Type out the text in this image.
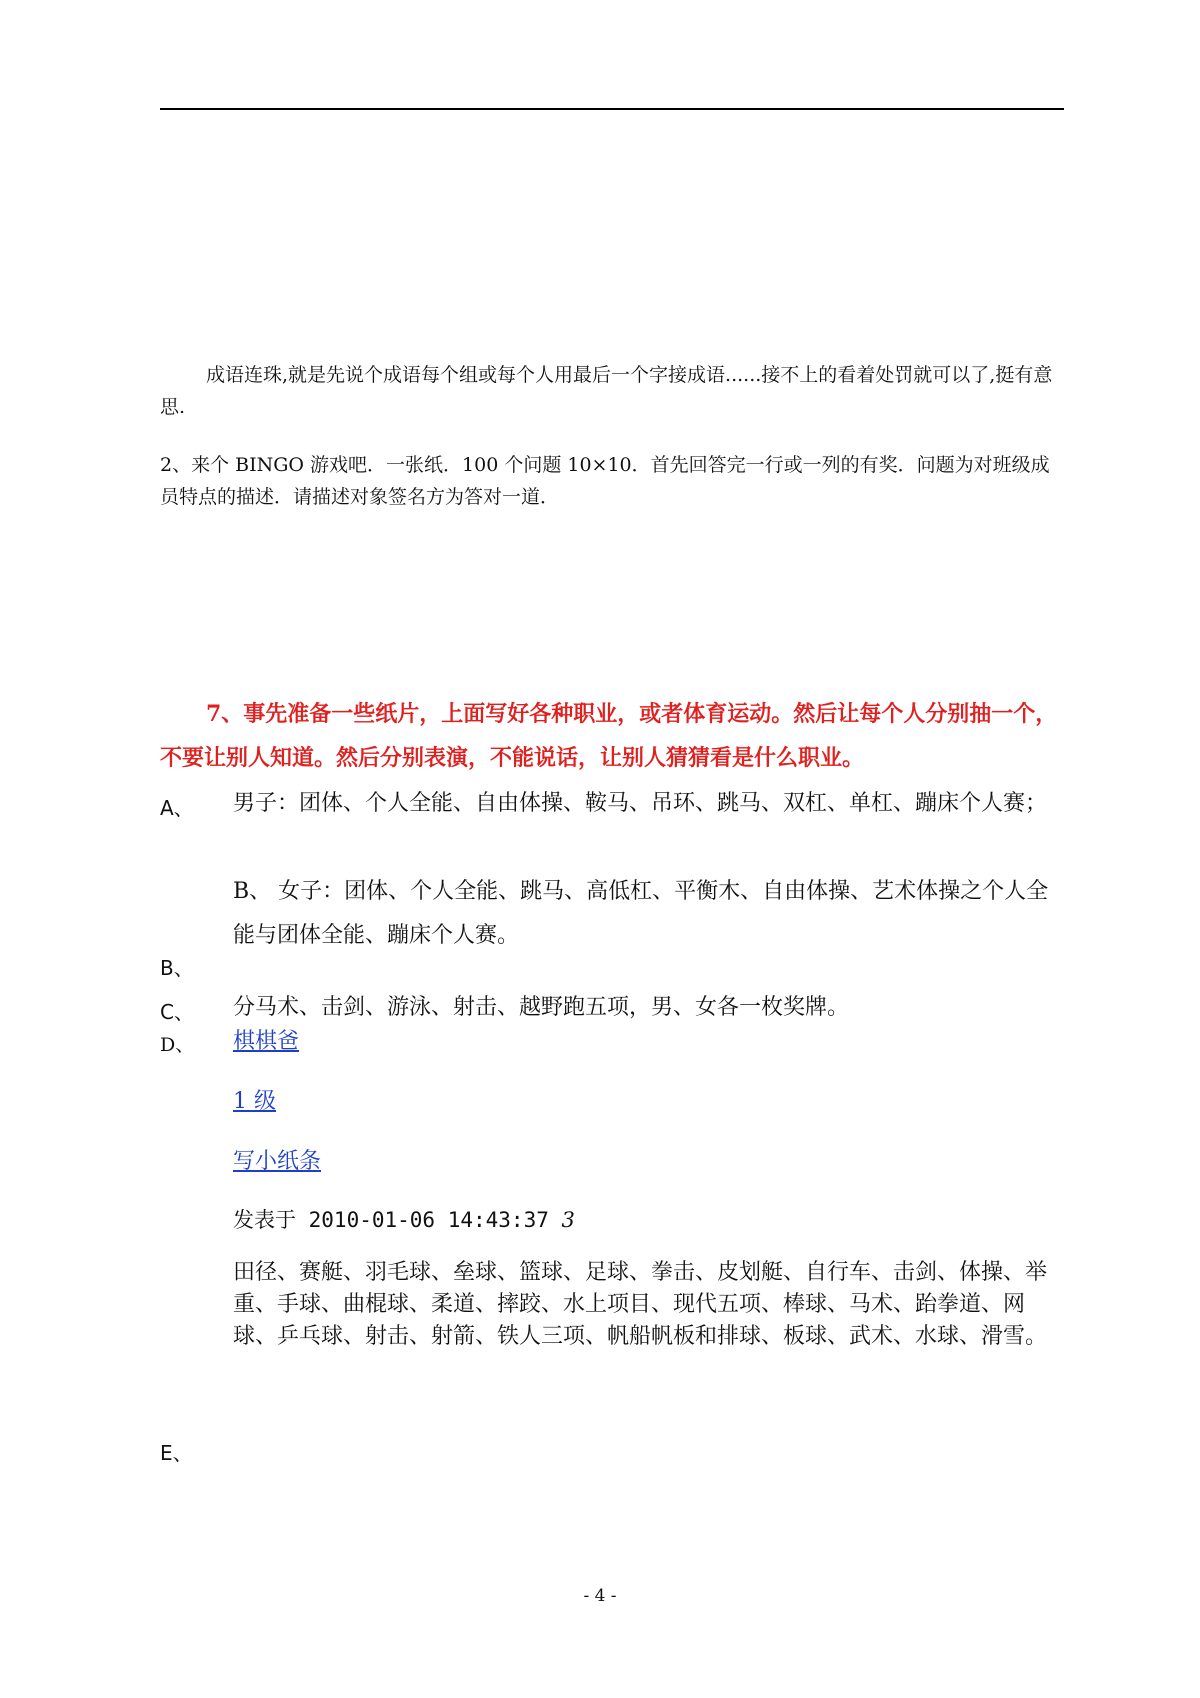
成语连珠,就是先说个成语每个组或每个人用最后一个字接成语......接不上的看着处罚就可以了,挺有意思.

2、来个 BINGO 游戏吧．一张纸．100 个问题 10×10．首先回答完一行或一列的有奖．问题为对班级成员特点的描述．请描述对象签名方为答对一道．

7、事先准备一些纸片，上面写好各种职业，或者体育运动。然后让每个人分别抽一个，不要让别人知道。然后分别表演，不能说话，让别人猜猜看是什么职业。

A、 男子：团体、个人全能、自由体操、鞍马、吊环、跳马、双杠、单杠、蹦床个人赛；

B、 女子：团体、个人全能、跳马、高低杠、平衡木、自由体操、艺术体操之个人全能与团体全能、蹦床个人赛。

B、
C、 分马术、击剑、游泳、射击、越野跑五项，男、女各一枚奖牌。

D、 棋棋爸
1 级
写小纸条
发表于 2010-01-06 14:43:37 3

田径、赛艇、羽毛球、垒球、篮球、足球、拳击、皮划艇、自行车、击剑、体操、举重、手球、曲棍球、柔道、摔跤、水上项目、现代五项、棒球、马术、跆拳道、网球、乒乓球、射击、射箭、铁人三项、帆船帆板和排球、板球、武术、水球、滑雪。

E、
- 4 -
